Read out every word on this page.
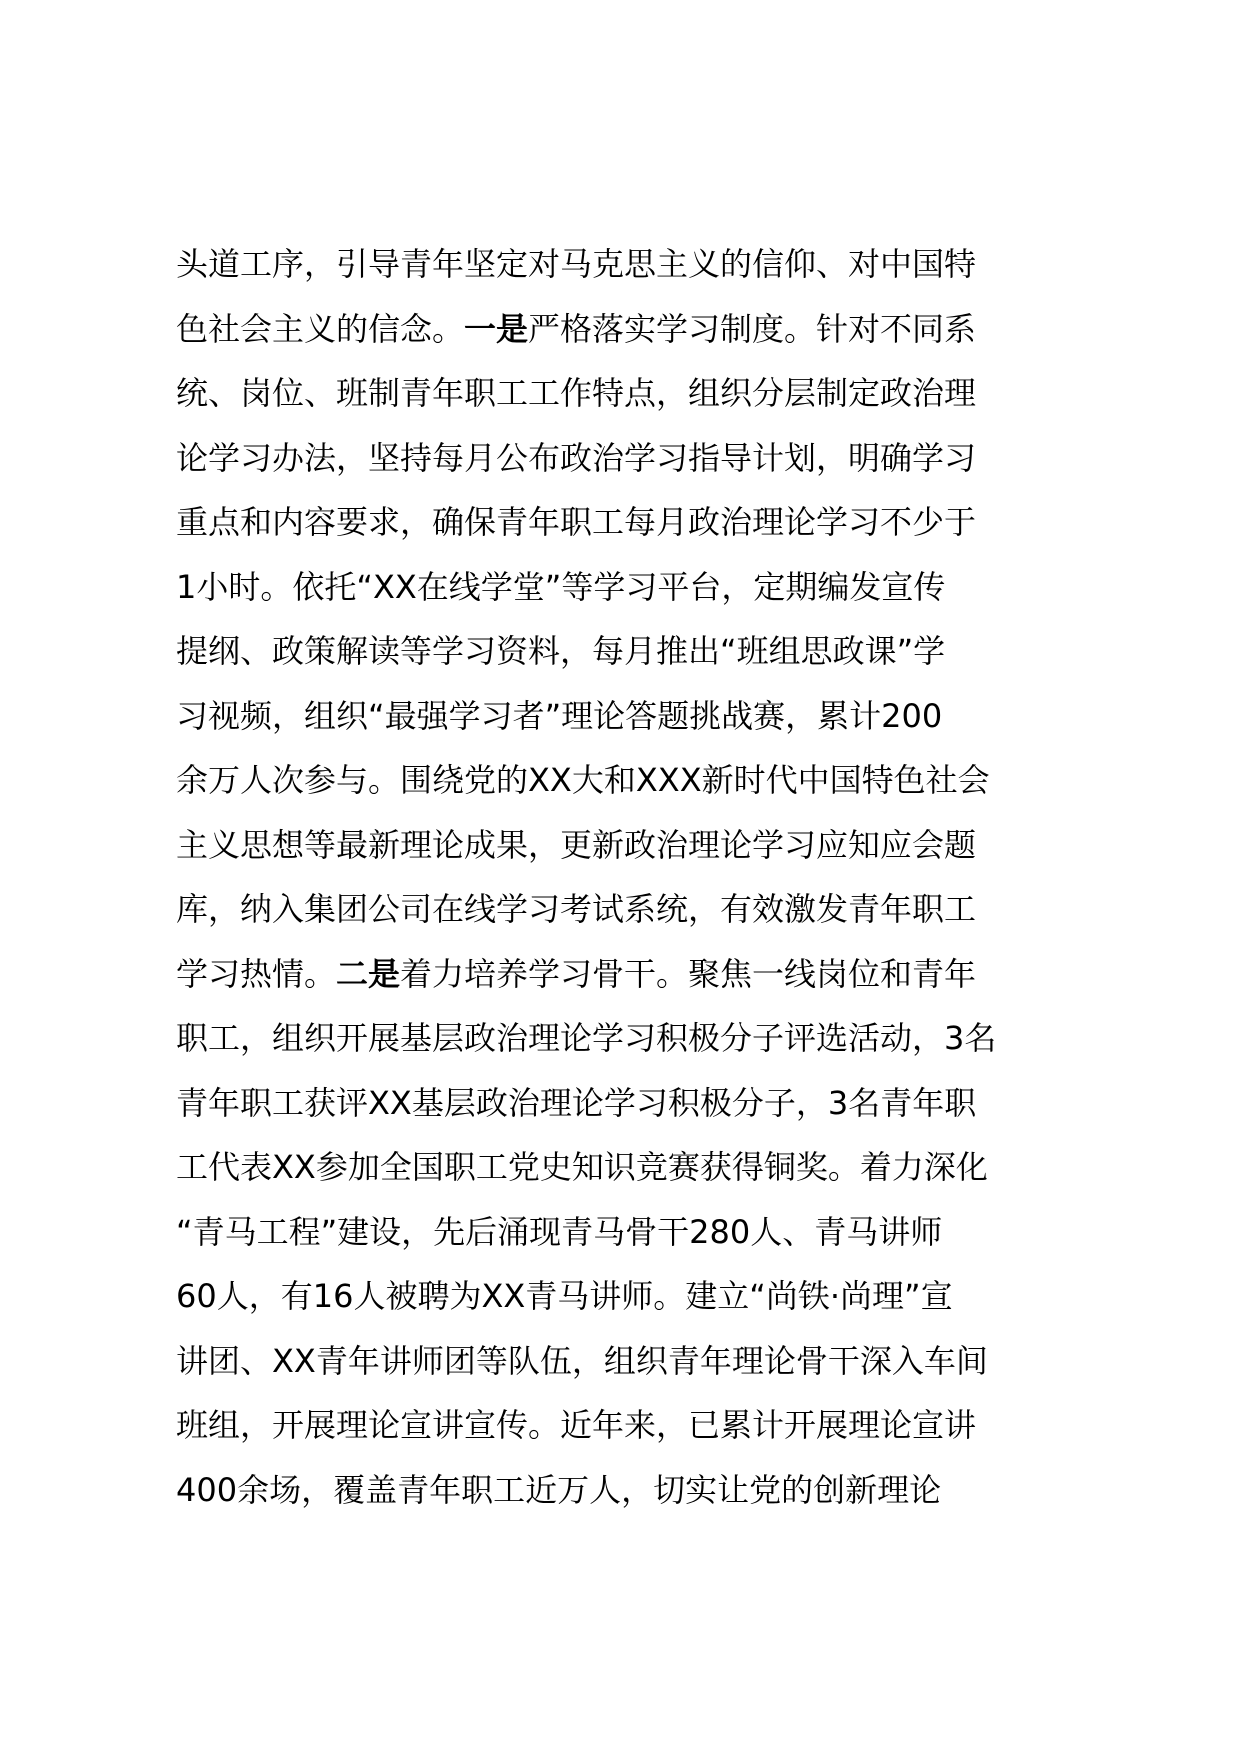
头道工序，引导青年坚定对马克思主义的信仰、对中国特
色社会主义的信念。一是严格落实学习制度。针对不同系
统、岗位、班制青年职工工作特点，组织分层制定政治理
论学习办法，坚持每月公布政治学习指导计划，明确学习
重点和内容要求，确保青年职工每月政治理论学习不少于
1小时。依托“XX在线学堂”等学习平台，定期编发宣传
提纲、政策解读等学习资料，每月推出“班组思政课”学
习视频，组织“最强学习者”理论答题挑战赛，累计200
余万人次参与。围绕党的XX大和XXX新时代中国特色社会
主义思想等最新理论成果，更新政治理论学习应知应会题
库，纳入集团公司在线学习考试系统，有效激发青年职工
学习热情。二是着力培养学习骨干。聚焦一线岗位和青年
职工，组织开展基层政治理论学习积极分子评选活动，3名
青年职工获评XX基层政治理论学习积极分子，3名青年职
工代表XX参加全国职工党史知识竞赛获得铜奖。着力深化
“青马工程”建设，先后涌现青马骨干280人、青马讲师
60人，有16人被聘为XX青马讲师。建立“尚铁·尚理”宣
讲团、XX青年讲师团等队伍，组织青年理论骨干深入车间
班组，开展理论宣讲宣传。近年来，已累计开展理论宣讲
400余场，覆盖青年职工近万人，切实让党的创新理论
